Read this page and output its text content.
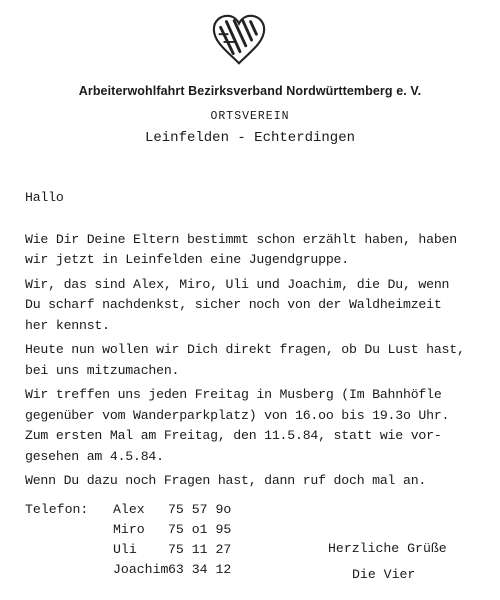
Arbeiterwohlfahrt Bezirksverband Nordwürttemberg e. V.
ORTSVEREIN
Leinfelden - Echterdingen
Hallo
Wie Dir Deine Eltern bestimmt schon erzählt haben, haben
wir jetzt in Leinfelden eine Jugendgruppe.
Wir, das sind Alex, Miro, Uli und Joachim, die Du, wenn
Du scharf nachdenkst, sicher noch von der Waldheimzeit
her kennst.
Heute nun wollen wir Dich direkt fragen, ob Du Lust hast,
bei uns mitzumachen.
Wir treffen uns jeden Freitag in Musberg (Im Bahnhöfle
gegenüber vom Wanderparkplatz) von 16.oo bis 19.3o Uhr.
Zum ersten Mal am Freitag, den 11.5.84, statt wie vor-
gesehen am 4.5.84.
Wenn Du dazu noch Fragen hast, dann ruf doch mal an.
Telefon: Alex 75 57 9o
Miro 75 o1 95
Uli 75 11 27
Joachim 63 34 12
Herzliche Grüße
Die Vier
